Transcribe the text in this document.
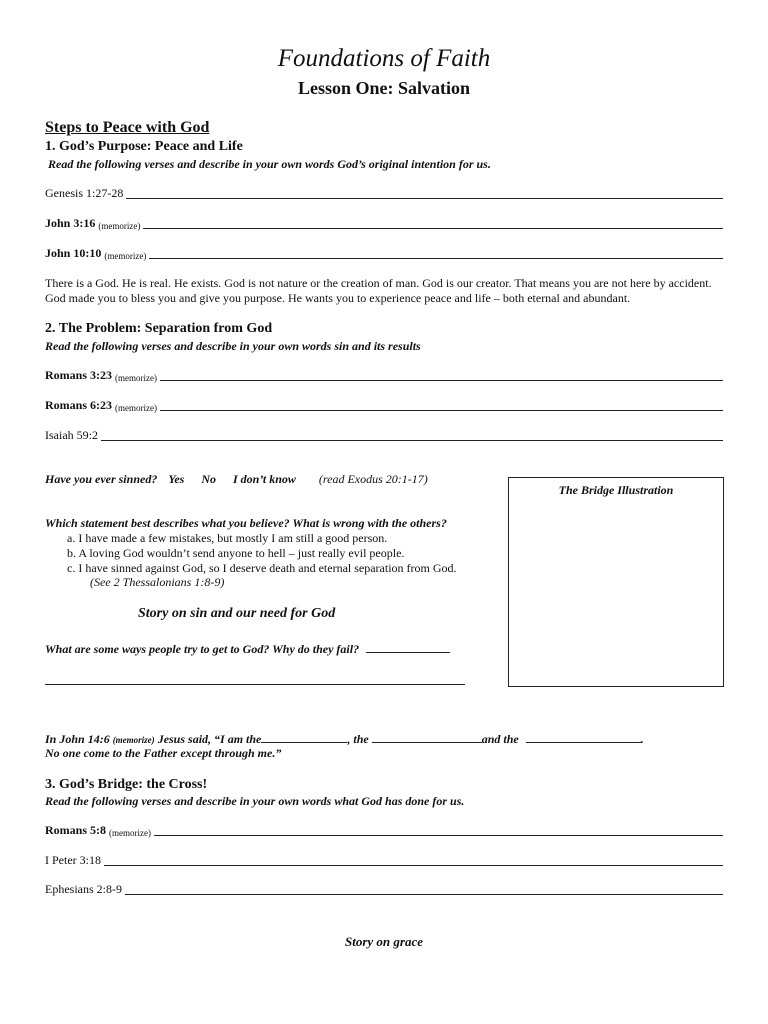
Foundations of Faith
Lesson One: Salvation
Steps to Peace with God
1. God’s Purpose: Peace and Life
Read the following verses and describe in your own words God’s original intention for us.
Genesis 1:27-28
John 3:16 (memorize)
John 10:10 (memorize)
There is a God. He is real. He exists. God is not nature or the creation of man. God is our creator. That means you are not here by accident. God made you to bless you and give you purpose. He wants you to experience peace and life – both eternal and abundant.
2. The Problem: Separation from God
Read the following verses and describe in your own words sin and its results
Romans 3:23 (memorize)
Romans 6:23 (memorize)
Isaiah 59:2
Have you ever sinned? Yes No I don’t know (read Exodus 20:1-17)
The Bridge Illustration
Which statement best describes what you believe? What is wrong with the others?
a. I have made a few mistakes, but mostly I am still a good person.
b. A loving God wouldn’t send anyone to hell – just really evil people.
c. I have sinned against God, so I deserve death and eternal separation from God.
(See 2 Thessalonians 1:8-9)
Story on sin and our need for God
What are some ways people try to get to God? Why do they fail?
In John 14:6 (memorize) Jesus said, “I am the	, the	and the	.
No one come to the Father except through me.”
3. God’s Bridge: the Cross!
Read the following verses and describe in your own words what God has done for us.
Romans 5:8 (memorize)
I Peter 3:18
Ephesians 2:8-9
Story on grace
